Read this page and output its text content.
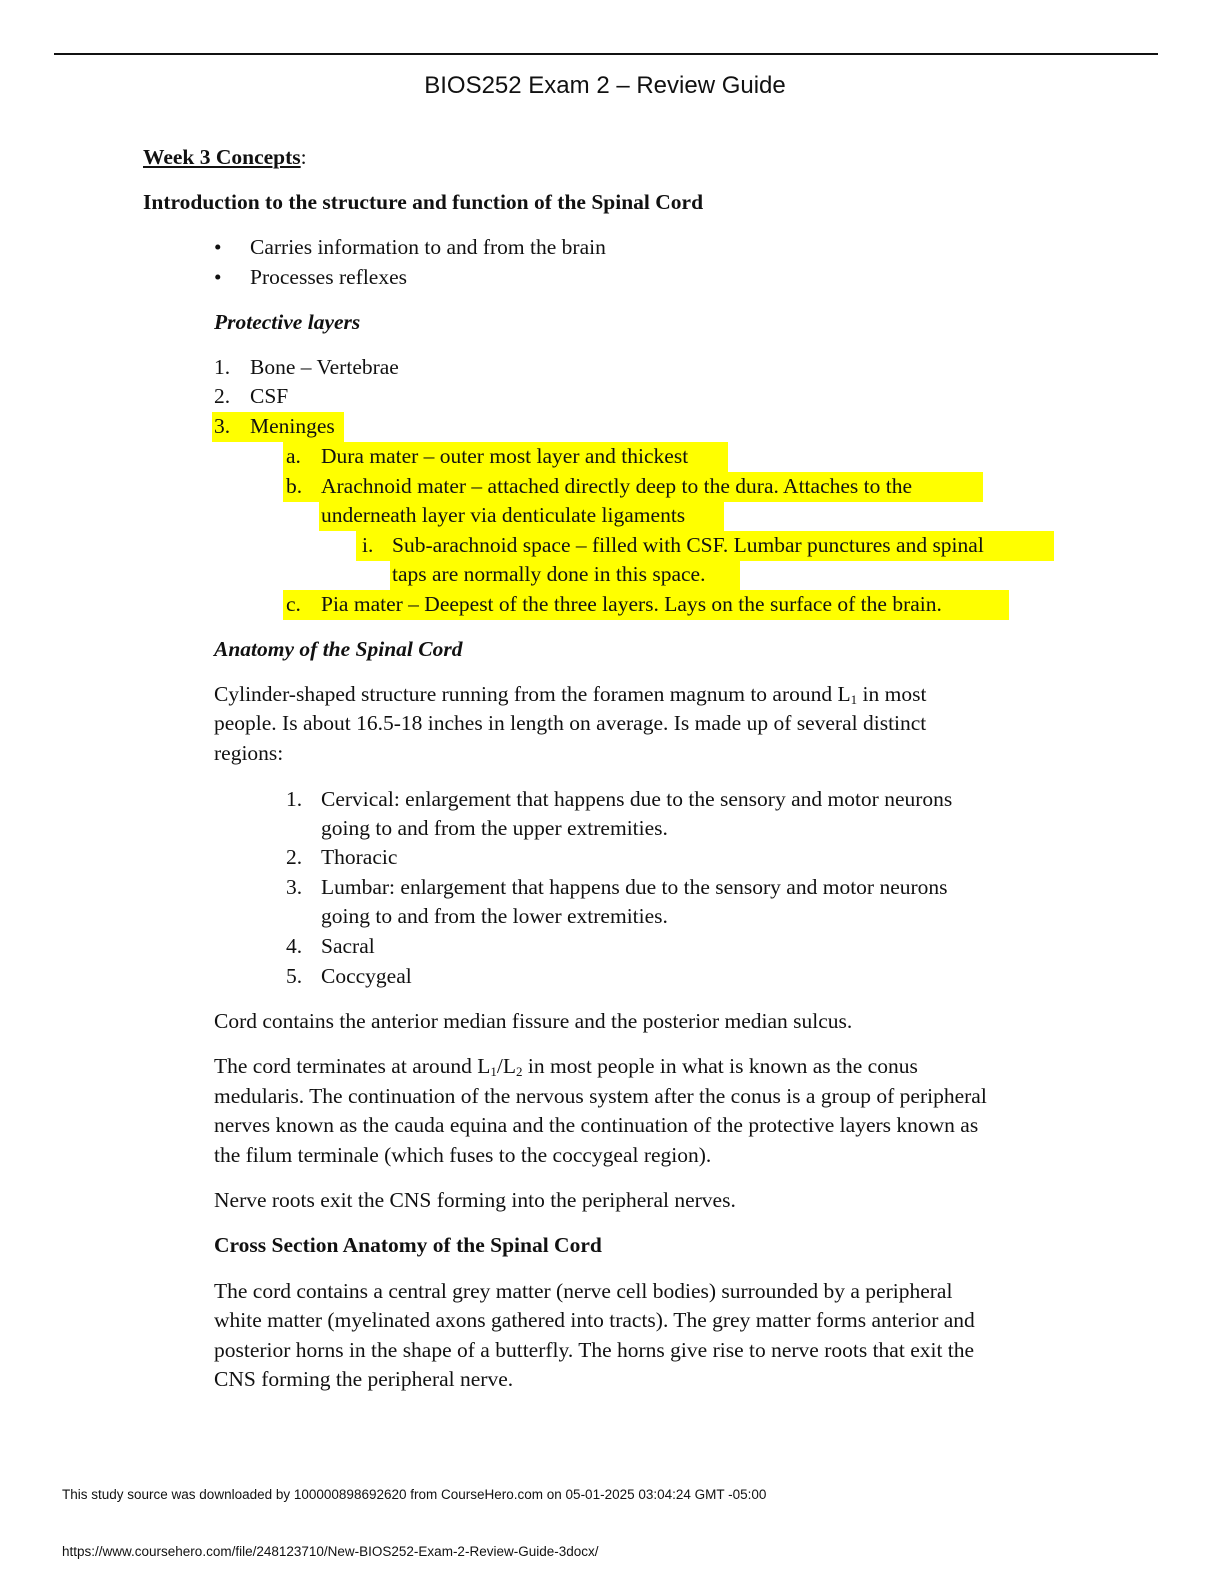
BIOS252 Exam 2 – Review Guide
Week 3 Concepts:
Introduction to the structure and function of the Spinal Cord
• Carries information to and from the brain
• Processes reflexes
Protective layers
1. Bone – Vertebrae
2. CSF

3. Meninges

a. Dura mater – outer most layer and thickest

b. Arachnoid mater – attached directly deep to the dura. Attaches to the

underneath layer via denticulate ligaments

i. Sub-arachnoid space – filled with CSF. Lumbar punctures and spinal

taps are normally done in this space.

c. Pia mater – Deepest of the three layers. Lays on the surface of the brain.
Anatomy of the Spinal Cord
Cylinder-shaped structure running from the foramen magnum to around $L_1$ in most
people. Is about 16.5-18 inches in length on average. Is made up of several distinct
regions:
1. Cervical: enlargement that happens due to the sensory and motor neurons
going to and from the upper extremities.
2. Thoracic
3. Lumbar: enlargement that happens due to the sensory and motor neurons
going to and from the lower extremities.
4. Sacral
5. Coccygeal
Cord contains the anterior median fissure and the posterior median sulcus.
The cord terminates at around $L_1/L_2$ in most people in what is known as the conus
medularis. The continuation of the nervous system after the conus is a group of peripheral
nerves known as the cauda equina and the continuation of the protective layers known as
the filum terminale (which fuses to the coccygeal region).
Nerve roots exit the CNS forming into the peripheral nerves.
Cross Section Anatomy of the Spinal Cord
The cord contains a central grey matter (nerve cell bodies) surrounded by a peripheral
white matter (myelinated axons gathered into tracts). The grey matter forms anterior and
posterior horns in the shape of a butterfly. The horns give rise to nerve roots that exit the
CNS forming the peripheral nerve.
This study source was downloaded by 100000898692620 from CourseHero.com on 05-01-2025 03:04:24 GMT -05:00
https://www.coursehero.com/file/248123710/New-BIOS252-Exam-2-Review-Guide-3docx/
